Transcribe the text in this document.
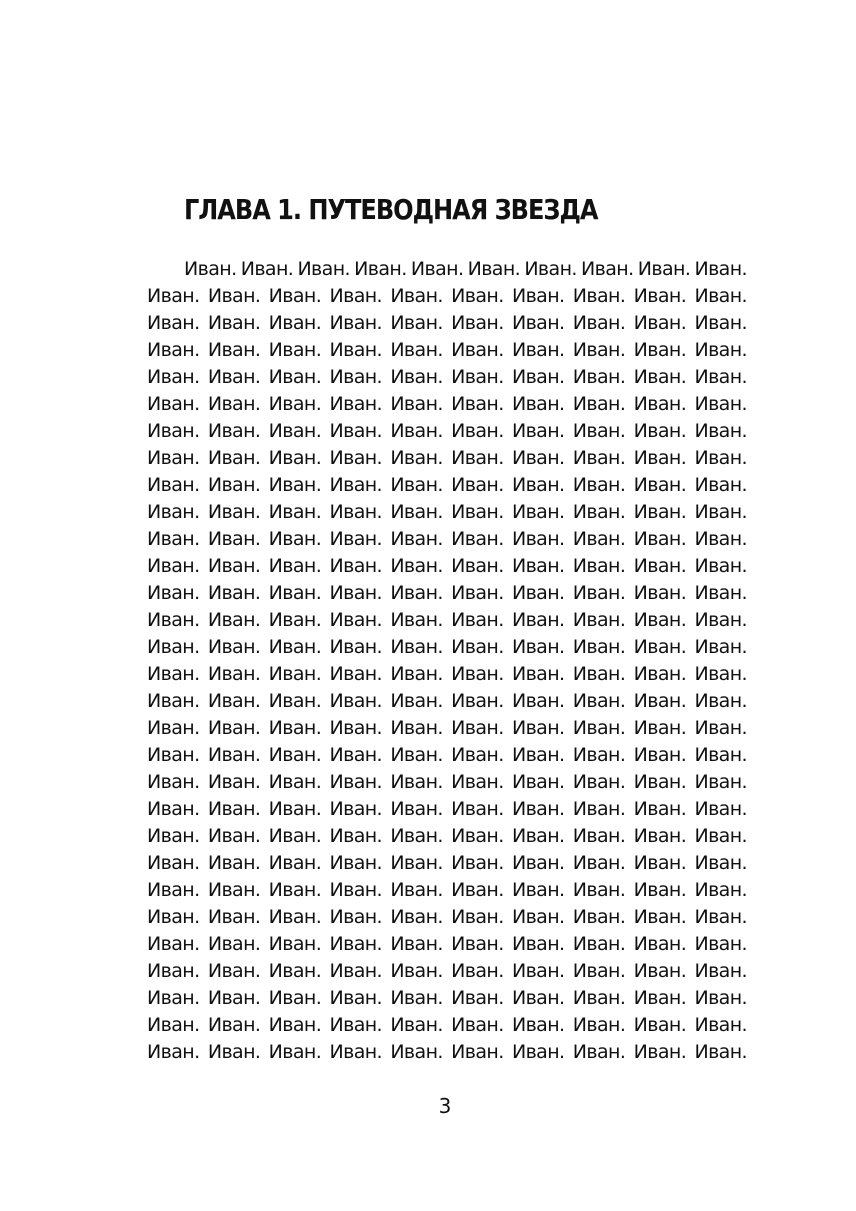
ГЛАВА 1. ПУТЕВОДНАЯ ЗВЕЗДА
Иван. Иван. Иван. Иван. Иван. Иван. Иван. Иван. Иван. Иван.
Иван. Иван. Иван. Иван. Иван. Иван. Иван. Иван. Иван. Иван.
Иван. Иван. Иван. Иван. Иван. Иван. Иван. Иван. Иван. Иван.
Иван. Иван. Иван. Иван. Иван. Иван. Иван. Иван. Иван. Иван.
Иван. Иван. Иван. Иван. Иван. Иван. Иван. Иван. Иван. Иван.
Иван. Иван. Иван. Иван. Иван. Иван. Иван. Иван. Иван. Иван.
Иван. Иван. Иван. Иван. Иван. Иван. Иван. Иван. Иван. Иван.
Иван. Иван. Иван. Иван. Иван. Иван. Иван. Иван. Иван. Иван.
Иван. Иван. Иван. Иван. Иван. Иван. Иван. Иван. Иван. Иван.
Иван. Иван. Иван. Иван. Иван. Иван. Иван. Иван. Иван. Иван.
Иван. Иван. Иван. Иван. Иван. Иван. Иван. Иван. Иван. Иван.
Иван. Иван. Иван. Иван. Иван. Иван. Иван. Иван. Иван. Иван.
Иван. Иван. Иван. Иван. Иван. Иван. Иван. Иван. Иван. Иван.
Иван. Иван. Иван. Иван. Иван. Иван. Иван. Иван. Иван. Иван.
Иван. Иван. Иван. Иван. Иван. Иван. Иван. Иван. Иван. Иван.
Иван. Иван. Иван. Иван. Иван. Иван. Иван. Иван. Иван. Иван.
Иван. Иван. Иван. Иван. Иван. Иван. Иван. Иван. Иван. Иван.
Иван. Иван. Иван. Иван. Иван. Иван. Иван. Иван. Иван. Иван.
Иван. Иван. Иван. Иван. Иван. Иван. Иван. Иван. Иван. Иван.
Иван. Иван. Иван. Иван. Иван. Иван. Иван. Иван. Иван. Иван.
Иван. Иван. Иван. Иван. Иван. Иван. Иван. Иван. Иван. Иван.
Иван. Иван. Иван. Иван. Иван. Иван. Иван. Иван. Иван. Иван.
Иван. Иван. Иван. Иван. Иван. Иван. Иван. Иван. Иван. Иван.
Иван. Иван. Иван. Иван. Иван. Иван. Иван. Иван. Иван. Иван.
Иван. Иван. Иван. Иван. Иван. Иван. Иван. Иван. Иван. Иван.
Иван. Иван. Иван. Иван. Иван. Иван. Иван. Иван. Иван. Иван.
Иван. Иван. Иван. Иван. Иван. Иван. Иван. Иван. Иван. Иван.
Иван. Иван. Иван. Иван. Иван. Иван. Иван. Иван. Иван. Иван.
Иван. Иван. Иван. Иван. Иван. Иван. Иван. Иван. Иван. Иван.
Иван. Иван. Иван. Иван. Иван. Иван. Иван. Иван. Иван. Иван.
3
